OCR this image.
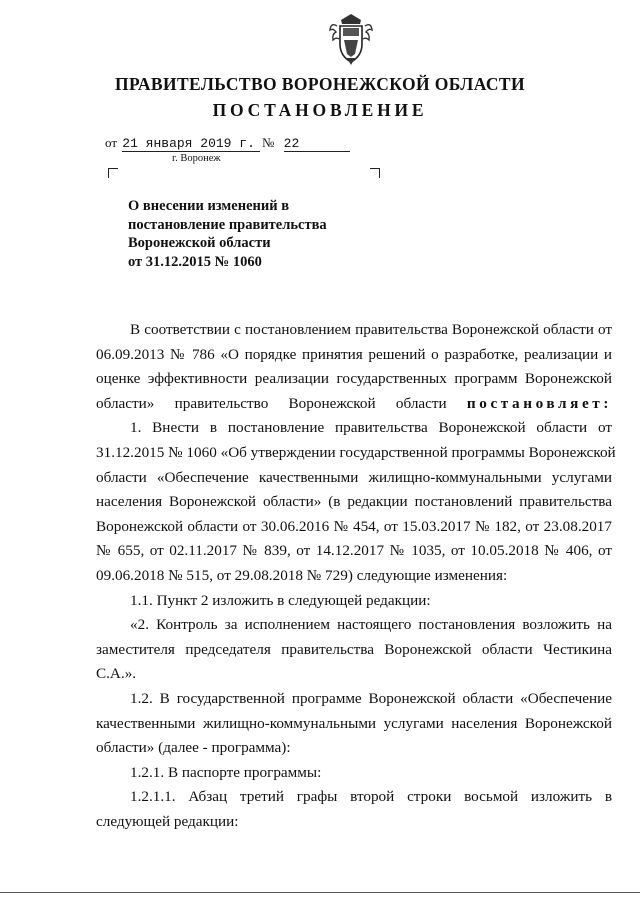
ПРАВИТЕЛЬСТВО ВОРОНЕЖСКОЙ ОБЛАСТИ
ПОСТАНОВЛЕНИЕ
от 21 января 2019 г. № 22
г. Воронеж
О внесении изменений в
постановление правительства
Воронежской области
от 31.12.2015 № 1060
В соответствии с постановлением правительства Воронежской области от
06.09.2013 № 786 «О порядке принятия решений о разработке, реализации и
оценке эффективности реализации государственных программ Воронежской
области» правительство Воронежской области постановляет:
1. Внести в постановление правительства Воронежской области от
31.12.2015 № 1060 «Об утверждении государственной программы Воронежской
области «Обеспечение качественными жилищно-коммунальными услугами
населения Воронежской области» (в редакции постановлений правительства
Воронежской области от 30.06.2016 № 454, от 15.03.2017 № 182, от 23.08.2017
№ 655, от 02.11.2017 № 839, от 14.12.2017 № 1035, от 10.05.2018 № 406, от
09.06.2018 № 515, от 29.08.2018 № 729) следующие изменения:
1.1. Пункт 2 изложить в следующей редакции:
«2. Контроль за исполнением настоящего постановления возложить на
заместителя председателя правительства Воронежской области Честикина
С.А.».
1.2. В государственной программе Воронежской области «Обеспечение
качественными жилищно-коммунальными услугами населения Воронежской
области» (далее - программа):
1.2.1. В паспорте программы:
1.2.1.1. Абзац третий графы второй строки восьмой изложить в
следующей редакции:
